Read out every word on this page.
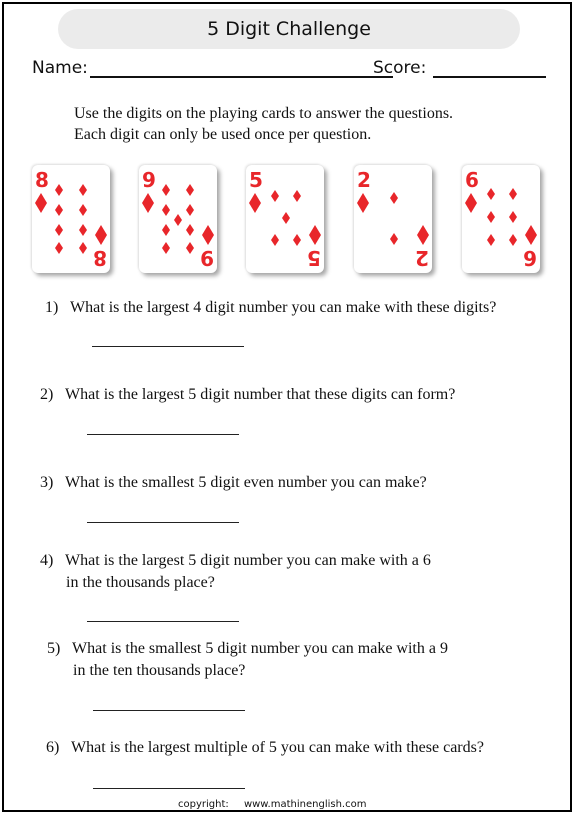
5 Digit Challenge
Name:	Score:
Use the digits on the playing cards to answer the questions.
Each digit can only be used once per question.
8
8
9
9
5
5
2
2
6
6
1) What is the largest 4 digit number you can make with these digits?
2) What is the largest 5 digit number that these digits can form?
3) What is the smallest 5 digit even number you can make?
4) What is the largest 5 digit number you can make with a 6
in the thousands place?
5) What is the smallest 5 digit number you can make with a 9
in the ten thousands place?
6) What is the largest multiple of 5 you can make with these cards?
copyright: www.mathinenglish.com
